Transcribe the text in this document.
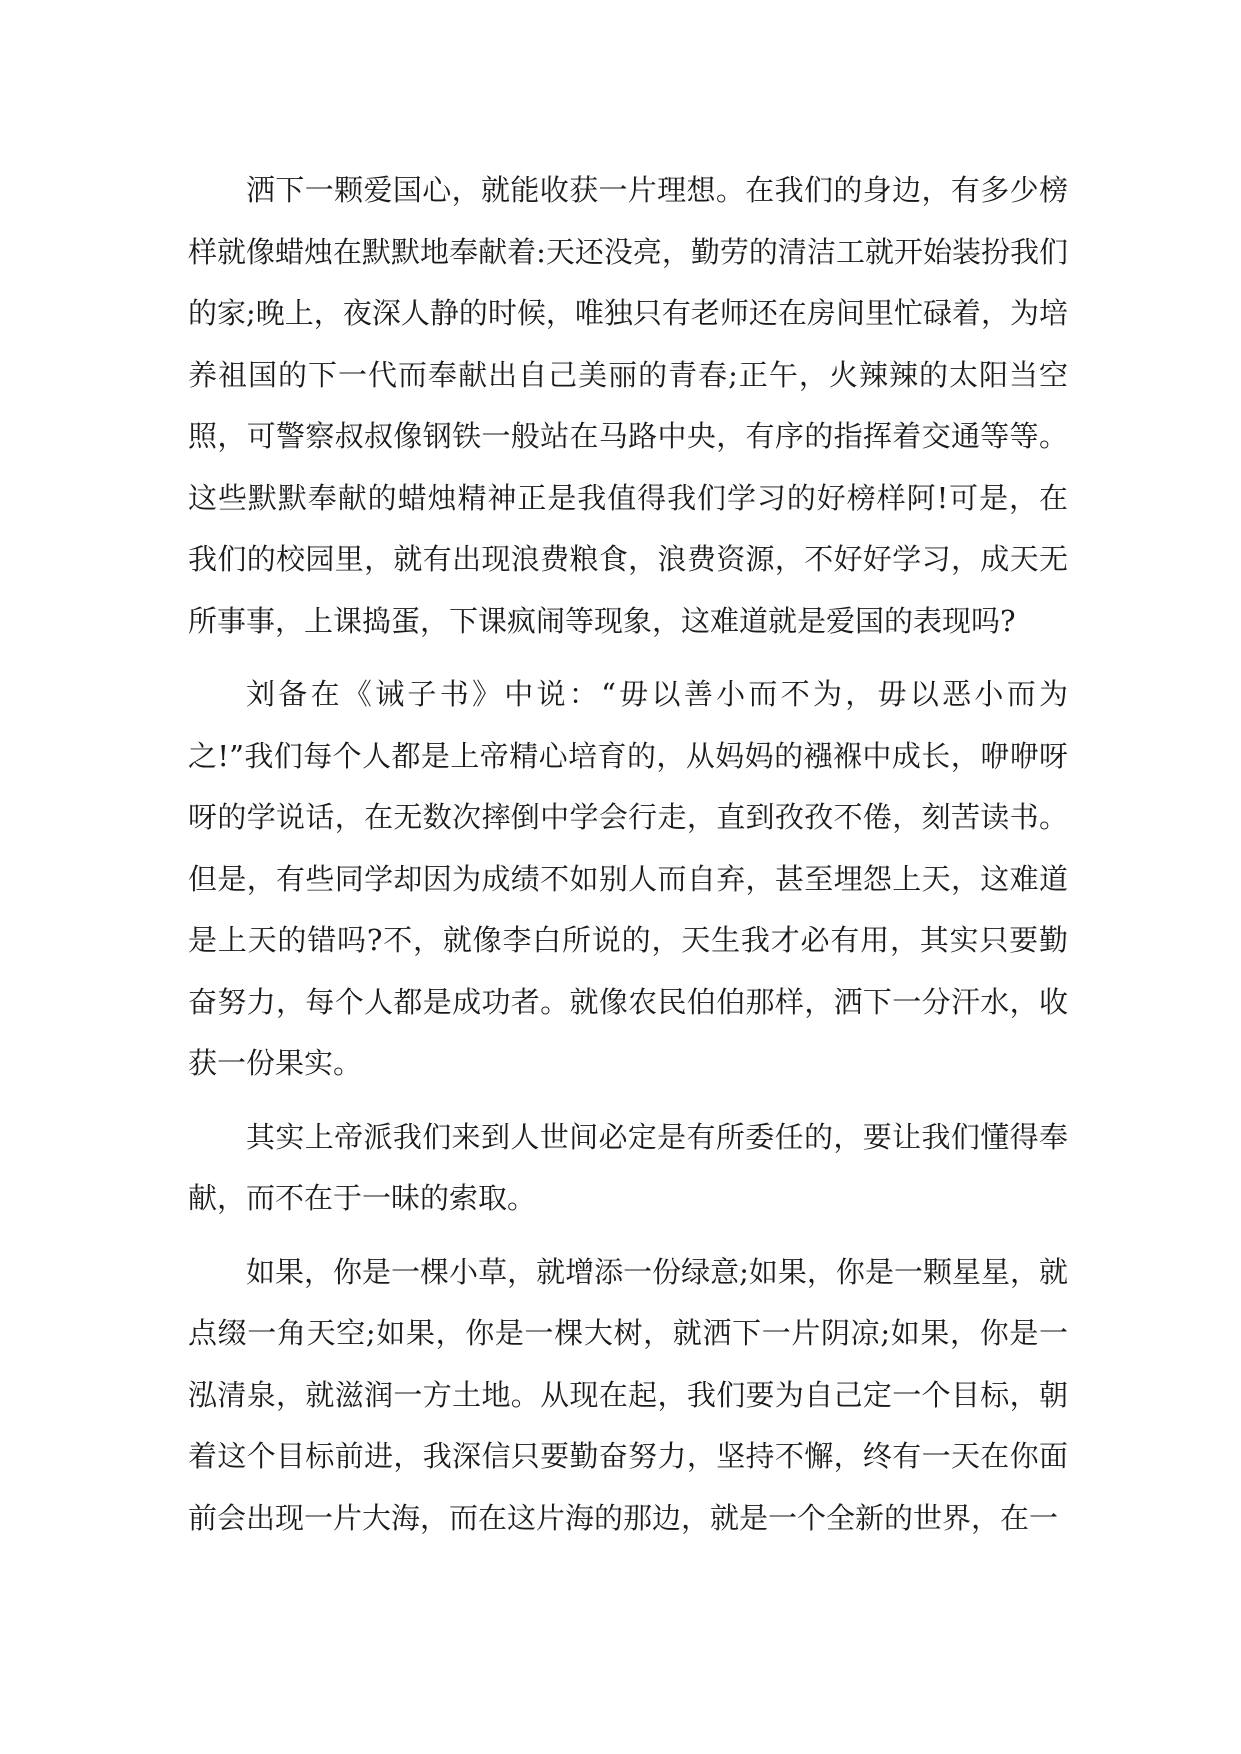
洒下一颗爱国心，就能收获一片理想。在我们的身边，有多少榜样就像蜡烛在默默地奉献着:天还没亮，勤劳的清洁工就开始装扮我们的家;晚上，夜深人静的时候，唯独只有老师还在房间里忙碌着，为培养祖国的下一代而奉献出自己美丽的青春;正午，火辣辣的太阳当空照，可警察叔叔像钢铁一般站在马路中央，有序的指挥着交通等等。这些默默奉献的蜡烛精神正是我值得我们学习的好榜样阿!可是，在我们的校园里，就有出现浪费粮食，浪费资源，不好好学习，成天无所事事，上课捣蛋，下课疯闹等现象，这难道就是爱国的表现吗?

刘备在《诫子书》中说：“毋以善小而不为，毋以恶小而为之!”我们每个人都是上帝精心培育的，从妈妈的襁褓中成长，咿咿呀呀的学说话，在无数次摔倒中学会行走，直到孜孜不倦，刻苦读书。但是，有些同学却因为成绩不如别人而自弃，甚至埋怨上天，这难道是上天的错吗?不，就像李白所说的，天生我才必有用，其实只要勤奋努力，每个人都是成功者。就像农民伯伯那样，洒下一分汗水，收获一份果实。

其实上帝派我们来到人世间必定是有所委任的，要让我们懂得奉献，而不在于一昧的索取。

如果，你是一棵小草，就增添一份绿意;如果，你是一颗星星，就点缀一角天空;如果，你是一棵大树，就洒下一片阴凉;如果，你是一泓清泉，就滋润一方土地。从现在起，我们要为自己定一个目标，朝着这个目标前进，我深信只要勤奋努力，坚持不懈，终有一天在你面前会出现一片大海，而在这片海的那边，就是一个全新的世界，在一
